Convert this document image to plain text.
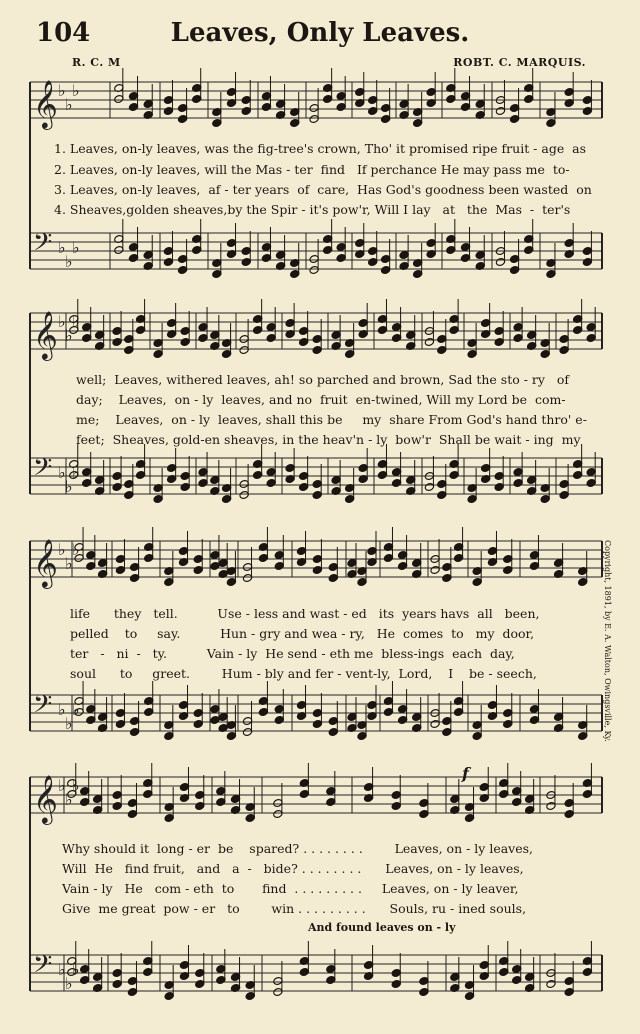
104	Leaves, Only Leaves.
R. C. M	ROBT. C. MARQUIS.
𝄞 ♭
♭
♭
𝄢 ♭
♭
♭
𝄞 ♭
♭
♭
𝄢 ♭
♭
♭
𝄞 ♭
♭
♭
𝄢 ♭
♭
♭
𝄞 ♭
♭
♭
𝄢 ♭
♭
♭
1. Leaves, on-ly leaves, was the fig-tree's crown, Tho' it promised ripe fruit - age  as
2. Leaves, on-ly leaves, will the Mas - ter  find   If perchance He may pass me  to-
3. Leaves, on-ly leaves,  af - ter years  of  care,  Has God's goodness been wasted  on
4. Sheaves,golden sheaves,by the Spir - it's pow'r, Will I lay   at   the  Mas  -  ter's
well;  Leaves, withered leaves, ah! so parched and brown, Sad the sto - ry   of
day;    Leaves,  on - ly  leaves, and no  fruit  en-twined, Will my Lord be  com-
me;    Leaves,  on - ly  leaves, shall this be     my  share From God's hand thro' e-
feet;  Sheaves, gold-en sheaves, in the heav'n - ly  bow'r  Shall be wait - ing  my
life      they   tell.          Use - less and wast - ed   its  years havs  all   been,
pelled    to     say.          Hun - gry and wea - ry,   He  comes  to   my  door,
ter   -   ni  -   ty.          Vain - ly  He send - eth me  bless-ings  each  day,
soul      to     greet.        Hum - bly and fer - vent-ly,  Lord,    I    be - seech,
Why should it  long - er  be    spared? . . . . . . . .        Leaves, on - ly leaves,
Will  He   find fruit,   and   a  -   bide? . . . . . . . .      Leaves, on - ly leaves,
Vain - ly   He   com - eth  to       find  . . . . . . . . .     Leaves, on - ly leaver,
Give  me great  pow - er   to        win . . . . . . . . .      Souls, ru - ined souls,
And found leaves on - ly
f
Copyright, 1891, by E. A. Walton, Owingsville, Ky.
